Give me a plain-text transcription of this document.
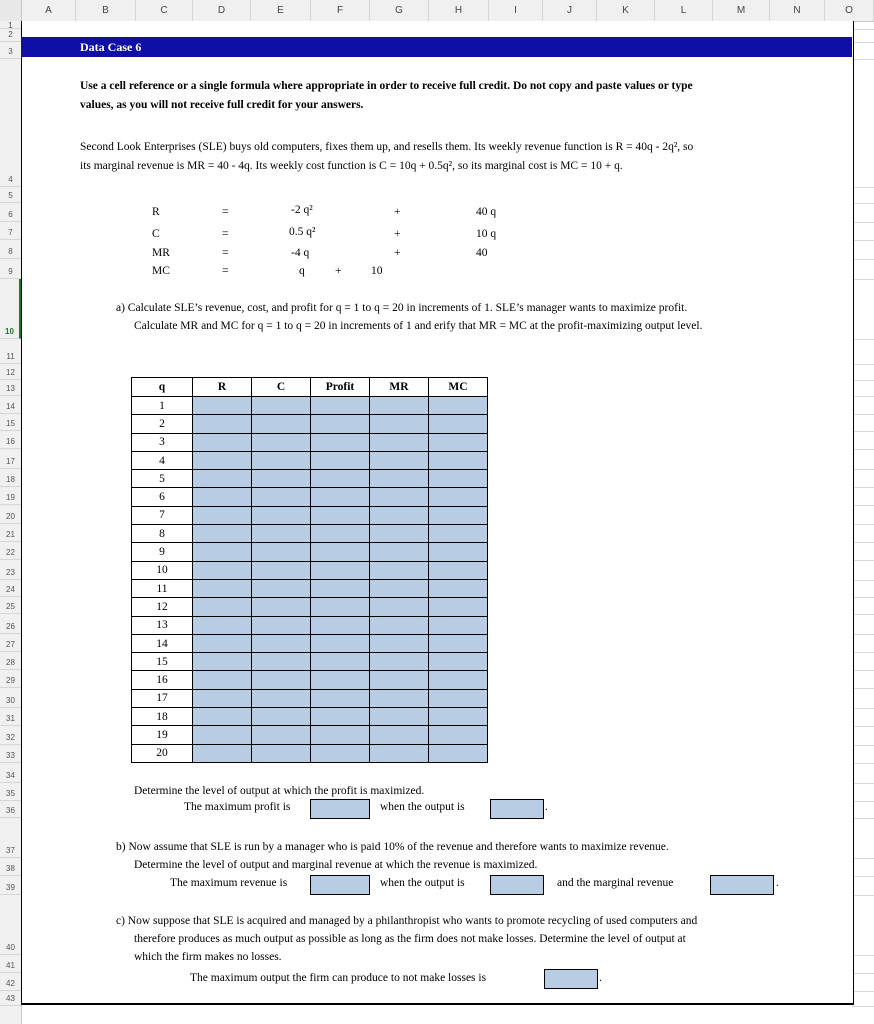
A	B	C	D	E	F	G	H	I	J	K	L	M	N	O
1
2
3
4
5
6
7
8
9
10
11
12
13
14
15
16
17
18
19
20
21
22
23
24
25
26
27
28
29
30
31
32
33
34
35
36
37
38
39
40
41
42
43
Data Case 6
Use a cell reference or a single formula where appropriate in order to receive full credit. Do not copy and paste values or type
values, as you will not receive full credit for your answers.
Second Look Enterprises (SLE) buys old computers, fixes them up, and resells them. Its weekly revenue function is R = 40q - 2q², so
its marginal revenue is MR = 40 - 4q. Its weekly cost function is C = 10q + 0.5q², so its marginal cost is MC = 10 + q.
R	=	-2 q²	+	40 q
C	=	0.5 q²	+	10 q
MR	=	-4 q	+	40
MC	=	q	+	10
a) Calculate SLE’s revenue, cost, and profit for q = 1 to q = 20 in increments of 1. SLE’s manager wants to maximize profit.
Calculate MR and MC for q = 1 to q = 20 in increments of 1 and erify that MR = MC at the profit-maximizing output level.
q	R	C	Profit	MR	MC
1					
2					
3					
4					
5					
6					
7					
8					
9					
10					
11					
12					
13					
14					
15					
16					
17					
18					
19					
20					
Determine the level of output at which the profit is maximized.
The maximum profit is	when the output is	.
b) Now assume that SLE is run by a manager who is paid 10% of the revenue and therefore wants to maximize revenue.
Determine the level of output and marginal revenue at which the revenue is maximized.
The maximum revenue is	when the output is	and the marginal revenue	.
c) Now suppose that SLE is acquired and managed by a philanthropist who wants to promote recycling of used computers and
therefore produces as much output as possible as long as the firm does not make losses. Determine the level of output at
which the firm makes no losses.
The maximum output the firm can produce to not make losses is	.
